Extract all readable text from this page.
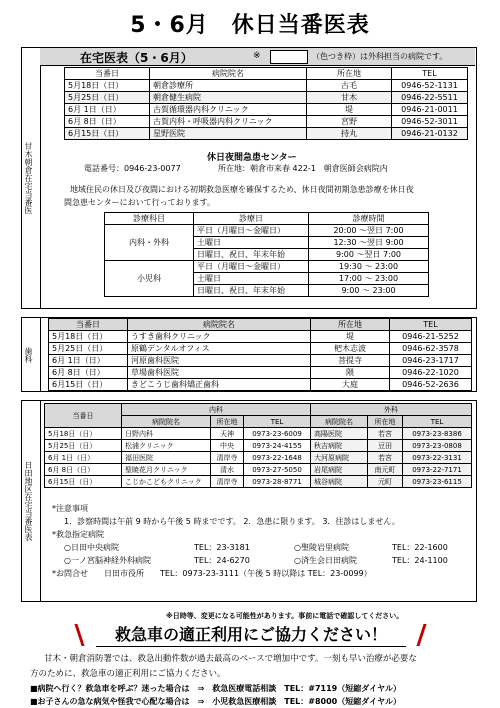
5・6月　休日当番医表
甘木朝倉在宅当番医
在宅医表（5・6月）	※	（色つき枠）は外科担当の病院です。
当番日	病院院名	所在地	TEL
5月18日（日）	朝倉診療所	古毛	0946-52-1131
5月25日（日）	朝倉健生病院	甘木	0946-22-5511
6月 1日（日）	古賀循環器内科クリニック	堤	0946-21-0011
6月 8日（日）	古賀内科・呼吸器内科クリニック	宮野	0946-52-3011
6月15日（日）	星野医院	持丸	0946-21-0132
休日夜間急患センター
電話番号：0946-23-0077	所在地：朝倉市来春 422-1　朝倉医師会病院内
地域住民の休日及び夜間における初期救急医療を確保するため、休日夜間初期急患診療を休日夜
間急患センターにおいて行っております。
診療科目	診療日	診療時間
内科・外科	平日（月曜日〜金曜日）	20:00 〜翌日 7:00
	土曜日	12:30 〜翌日 9:00
	日曜日、祝日、年末年始	9:00 〜翌日 7:00
小児科	平日（月曜日〜金曜日）	19:30 〜 23:00
	土曜日	17:00 〜 23:00
	日曜日、祝日、年末年始	9:00 〜 23:00
歯科
当番日	病院院名	所在地	TEL
5月18日（日）	うすき歯科クリニック	堤	0946-21-5252
5月25日（日）	原鶴デンタルオフィス	杷木志波	0946-62-3578
6月 1日（日）	河原歯科医院	菩提寺	0946-23-1717
6月 8日（日）	草場歯科医院	隈	0946-22-1020
6月15日（日）	きどこうじ歯科矯正歯科	大庭	0946-52-2636
日田地区在宅当番医表
当番日	内科			外科		
	病院院名	所在地	TEL	病院院名	所在地	TEL
5月18日（日）	日野内科	天神	0973-23-6009	高陽医院	若宮	0973-23-8386
5月25日（日）	松浦クリニック	中央	0973-24-4155	秋吉病院	豆田	0973-23-0808
6月 1日（日）	福田医院	清岸寺	0973-22-1648	大河原病院	若宮	0973-22-3131
6月 8日（日）	聖暁花月クリニック	清水	0973-27-5050	岩尾病院	南元町	0973-22-7171
6月15日（日）	こじかこどもクリニック	清岸寺	0973-28-8771	城谷病院	元町	0973-23-6115
*注意事項
1．診察時間は午前 9 時から午後 5 時までです。 2．急患に限ります。 3．往診はしません。
*救急指定病院
○日田中央病院	TEL：23-3181	○聖陵岩里病院	TEL：22-1600
○一ノ宮脳神経外科病院	TEL：24-6270	○済生会日田病院	TEL：24-1100
*お問合せ　　日田市役所　　TEL：0973-23-3111（午後 5 時以降は TEL：23-0099）
※日時等、変更になる可能性があります。事前に電話で確認してください。
救急車の適正利用にご協力ください！
甘木・朝倉消防署では、救急出動件数が過去最高のペースで増加中です。一刻も早い治療が必要な
方のために、救急車の適正利用にご協力ください。
■病院へ行く？救急車を呼ぶ？迷った場合は　⇒　救急医療電話相談　TEL：#7119（短縮ダイヤル）
■お子さんの急な病気や怪我で心配な場合は　⇒　小児救急医療相談　TEL：#8000（短縮ダイヤル）
